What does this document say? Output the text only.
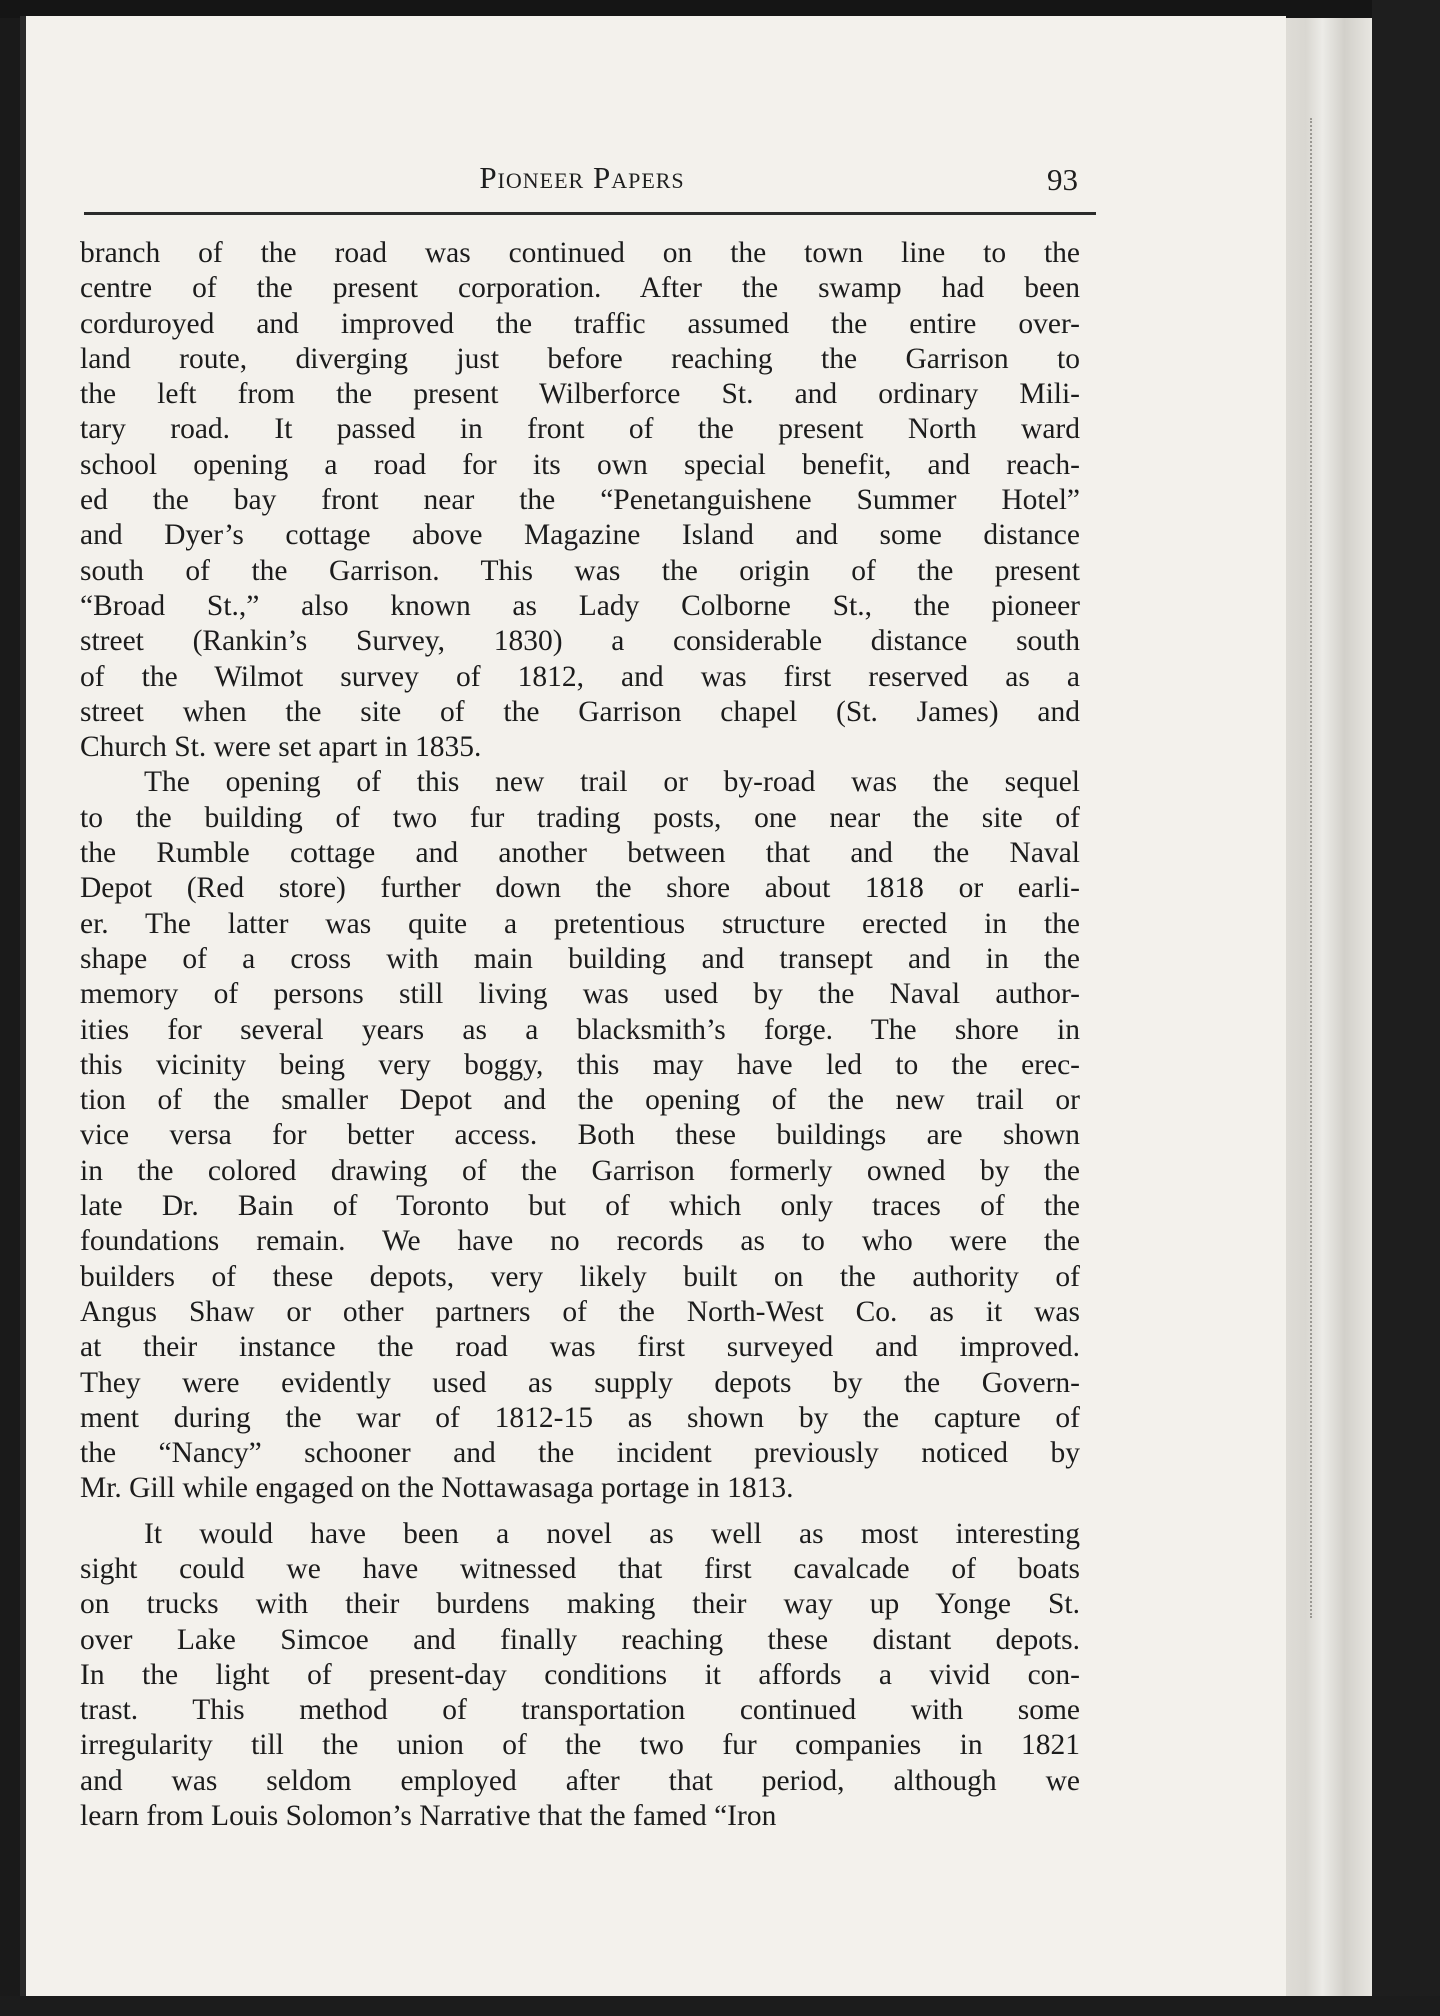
Pioneer Papers	93
branch of the road was continued on the town line to the
centre of the present corporation. After the swamp had been
corduroyed and improved the traffic assumed the entire over-
land route, diverging just before reaching the Garrison to
the left from the present Wilberforce St. and ordinary Mili-
tary road. It passed in front of the present North ward
school opening a road for its own special benefit, and reach-
ed the bay front near the “Penetanguishene Summer Hotel”
and Dyer’s cottage above Magazine Island and some distance
south of the Garrison. This was the origin of the present
“Broad St.,” also known as Lady Colborne St., the pioneer
street (Rankin’s Survey, 1830) a considerable distance south
of the Wilmot survey of 1812, and was first reserved as a
street when the site of the Garrison chapel (St. James) and
Church St. were set apart in 1835.
The opening of this new trail or by-road was the sequel
to the building of two fur trading posts, one near the site of
the Rumble cottage and another between that and the Naval
Depot (Red store) further down the shore about 1818 or earli-
er. The latter was quite a pretentious structure erected in the
shape of a cross with main building and transept and in the
memory of persons still living was used by the Naval author-
ities for several years as a blacksmith’s forge. The shore in
this vicinity being very boggy, this may have led to the erec-
tion of the smaller Depot and the opening of the new trail or
vice versa for better access. Both these buildings are shown
in the colored drawing of the Garrison formerly owned by the
late Dr. Bain of Toronto but of which only traces of the
foundations remain. We have no records as to who were the
builders of these depots, very likely built on the authority of
Angus Shaw or other partners of the North-West Co. as it was
at their instance the road was first surveyed and improved.
They were evidently used as supply depots by the Govern-
ment during the war of 1812-15 as shown by the capture of
the “Nancy” schooner and the incident previously noticed by
Mr. Gill while engaged on the Nottawasaga portage in 1813.
It would have been a novel as well as most interesting
sight could we have witnessed that first cavalcade of boats
on trucks with their burdens making their way up Yonge St.
over Lake Simcoe and finally reaching these distant depots.
In the light of present-day conditions it affords a vivid con-
trast. This method of transportation continued with some
irregularity till the union of the two fur companies in 1821
and was seldom employed after that period, although we
learn from Louis Solomon’s Narrative that the famed “Iron
